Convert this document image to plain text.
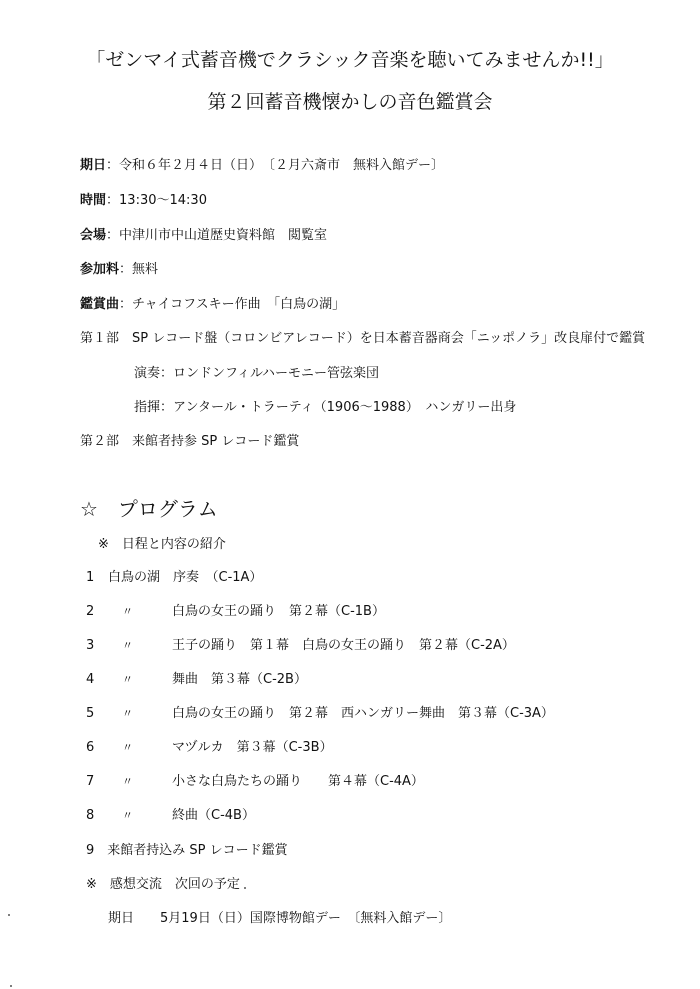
「ゼンマイ式蓄音機でクラシック音楽を聴いてみませんか!!」
第２回蓄音機懐かしの音色鑑賞会
期日：令和６年２月４日（日）　〔２月六斎市　無料入館デー〕
時間：13:30～14:30
会場：中津川市中山道歴史資料館　閲覧室
参加料：無料
鑑賞曲：チャイコフスキー作曲　「白鳥の湖」
第１部　SP レコード盤（コロンビアレコード）を日本蓄音器商会「ニッポノラ」改良扉付で鑑賞
演奏：ロンドンフィルハーモニー管弦楽団
指揮：アンタール・トラーティ（1906～1988）　ハンガリー出身
第２部　来館者持参 SP レコード鑑賞
☆　プログラム
※　日程と内容の紹介
1 白鳥の湖　序奏　（C-1A）
2	〃	白鳥の女王の踊り　第２幕（C-1B）
3	〃	王子の踊り　第１幕　白鳥の女王の踊り　第２幕（C-2A）
4	〃	舞曲　第３幕（C-2B）
5	〃	白鳥の女王の踊り　第２幕　西ハンガリー舞曲　第３幕（C-3A）
6	〃	マヅルカ　第３幕（C-3B）
7	〃	小さな白鳥たちの踊り　　第４幕（C-4A）
8	〃	終曲（C-4B）
9　来館者持込み SP レコード鑑賞
※　感想交流　次回の予定
期日　　5月19日（日）国際博物館デー　〔無料入館デー〕
